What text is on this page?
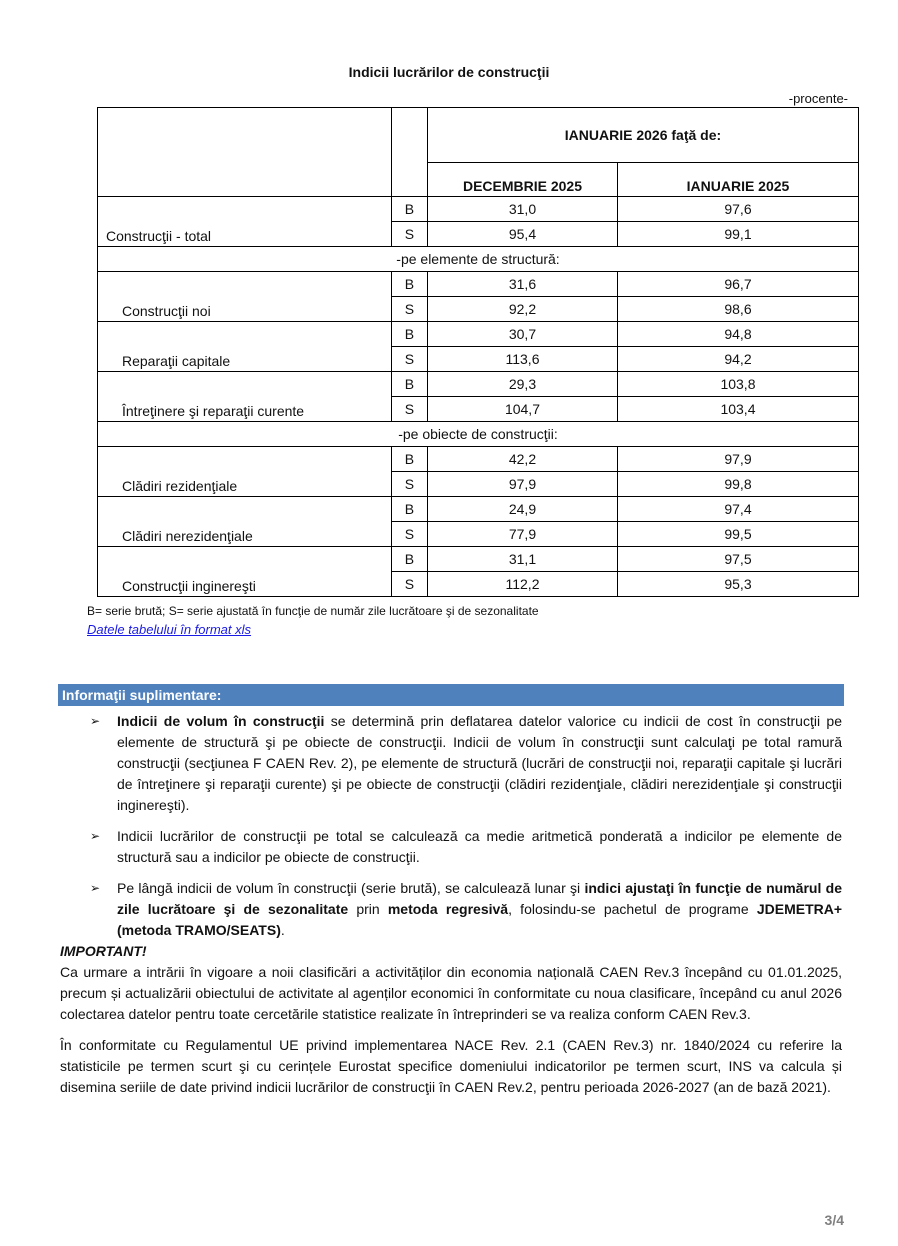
Indicii lucrărilor de construcţii
-procente-
		IANUARIE 2026 faţă de:	
		DECEMBRIE 2025	IANUARIE 2025
Construcţii - total	B	31,0	97,6
	S	95,4	99,1
-pe elemente de structură:			
Construcţii noi	B	31,6	96,7
	S	92,2	98,6
Reparaţii capitale	B	30,7	94,8
	S	113,6	94,2
Întreţinere şi reparaţii curente	B	29,3	103,8
	S	104,7	103,4
-pe obiecte de construcţii:			
Clădiri rezidenţiale	B	42,2	97,9
	S	97,9	99,8
Clădiri nerezidenţiale	B	24,9	97,4
	S	77,9	99,5
Construcţii inginereşti	B	31,1	97,5
	S	112,2	95,3
B= serie brută; S= serie ajustată în funcţie de număr zile lucrătoare şi de sezonalitate
Datele tabelului în format xls
Informaţii suplimentare:
➢ Indicii de volum în construcţii se determină prin deflatarea datelor valorice cu indicii de cost în construcţii pe elemente de structură şi pe obiecte de construcţii. Indicii de volum în construcţii sunt calculaţi pe total ramură construcţii (secţiunea F CAEN Rev. 2), pe elemente de structură (lucrări de construcţii noi, reparaţii capitale şi lucrări de întreţinere şi reparaţii curente) şi pe obiecte de construcţii (clădiri rezidenţiale, clădiri nerezidenţiale şi construcţii inginereşti).
➢ Indicii lucrărilor de construcţii pe total se calculează ca medie aritmetică ponderată a indicilor pe elemente de structură sau a indicilor pe obiecte de construcţii.
➢ Pe lângă indicii de volum în construcţii (serie brută), se calculează lunar şi indici ajustaţi în funcţie de numărul de zile lucrătoare şi de sezonalitate prin metoda regresivă, folosindu-se pachetul de programe JDEMETRA+ (metoda TRAMO/SEATS).
IMPORTANT!

Ca urmare a intrării în vigoare a noii clasificări a activităților din economia națională CAEN Rev.3 începând cu 01.01.2025, precum și actualizării obiectului de activitate al agenților economici în conformitate cu noua clasificare, începând cu anul 2026 colectarea datelor pentru toate cercetările statistice realizate în întreprinderi se va realiza conform CAEN Rev.3.

În conformitate cu Regulamentul UE privind implementarea NACE Rev. 2.1 (CAEN Rev.3) nr. 1840/2024 cu referire la statisticile pe termen scurt şi cu cerințele Eurostat specifice domeniului indicatorilor pe termen scurt, INS va calcula și disemina seriile de date privind indicii lucrărilor de construcţii în CAEN Rev.2, pentru perioada 2026-2027 (an de bază 2021).

3/4
